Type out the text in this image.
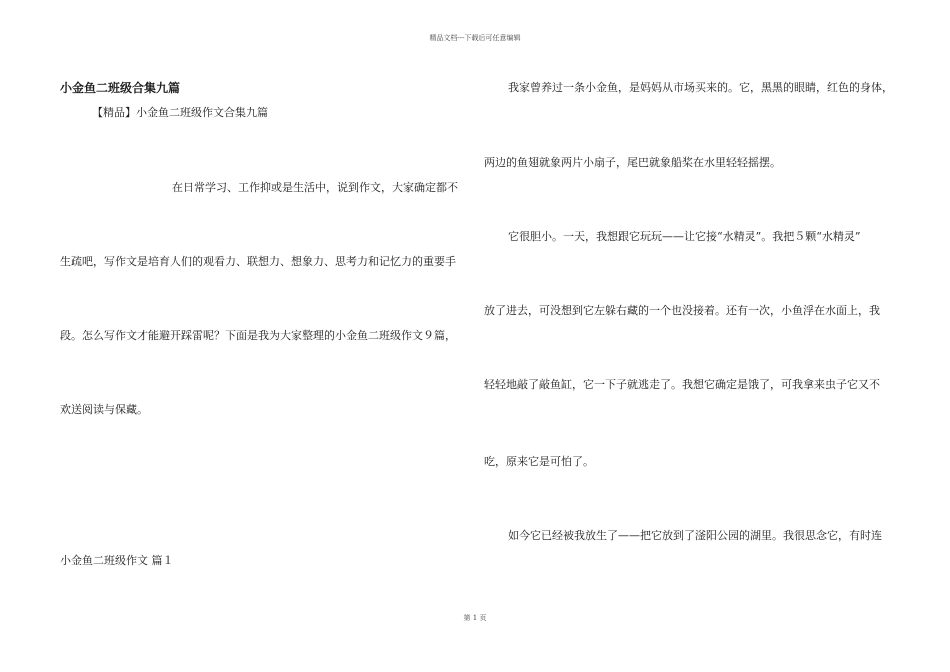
精品文档---下载后可任意编辑
小金鱼二班级合集九篇
【精品】小金鱼二班级作文合集九篇
在日常学习、工作抑或是生活中，说到作文，大家确定都不
生疏吧，写作文是培育人们的观看力、联想力、想象力、思考力和记忆力的重要手
段。怎么写作文才能避开踩雷呢？下面是我为大家整理的小金鱼二班级作文９篇，
欢送阅读与保藏。
小金鱼二班级作文 篇１
我家曾养过一条小金鱼，是妈妈从市场买来的。它，黑黑的眼睛，红色的身体，
两边的鱼翅就象两片小扇子，尾巴就象船桨在水里轻轻摇摆。
它很胆小。一天，我想跟它玩玩——让它接“水精灵”。我把５颗“水精灵”
放了进去，可没想到它左躲右藏的一个也没接着。还有一次，小鱼浮在水面上，我
轻轻地敲了敲鱼缸，它一下子就逃走了。我想它确定是饿了，可我拿来虫子它又不
吃，原来它是可怕了。
如今它已经被我放生了——把它放到了滏阳公园的湖里。我很思念它，有时连
第 1 页
